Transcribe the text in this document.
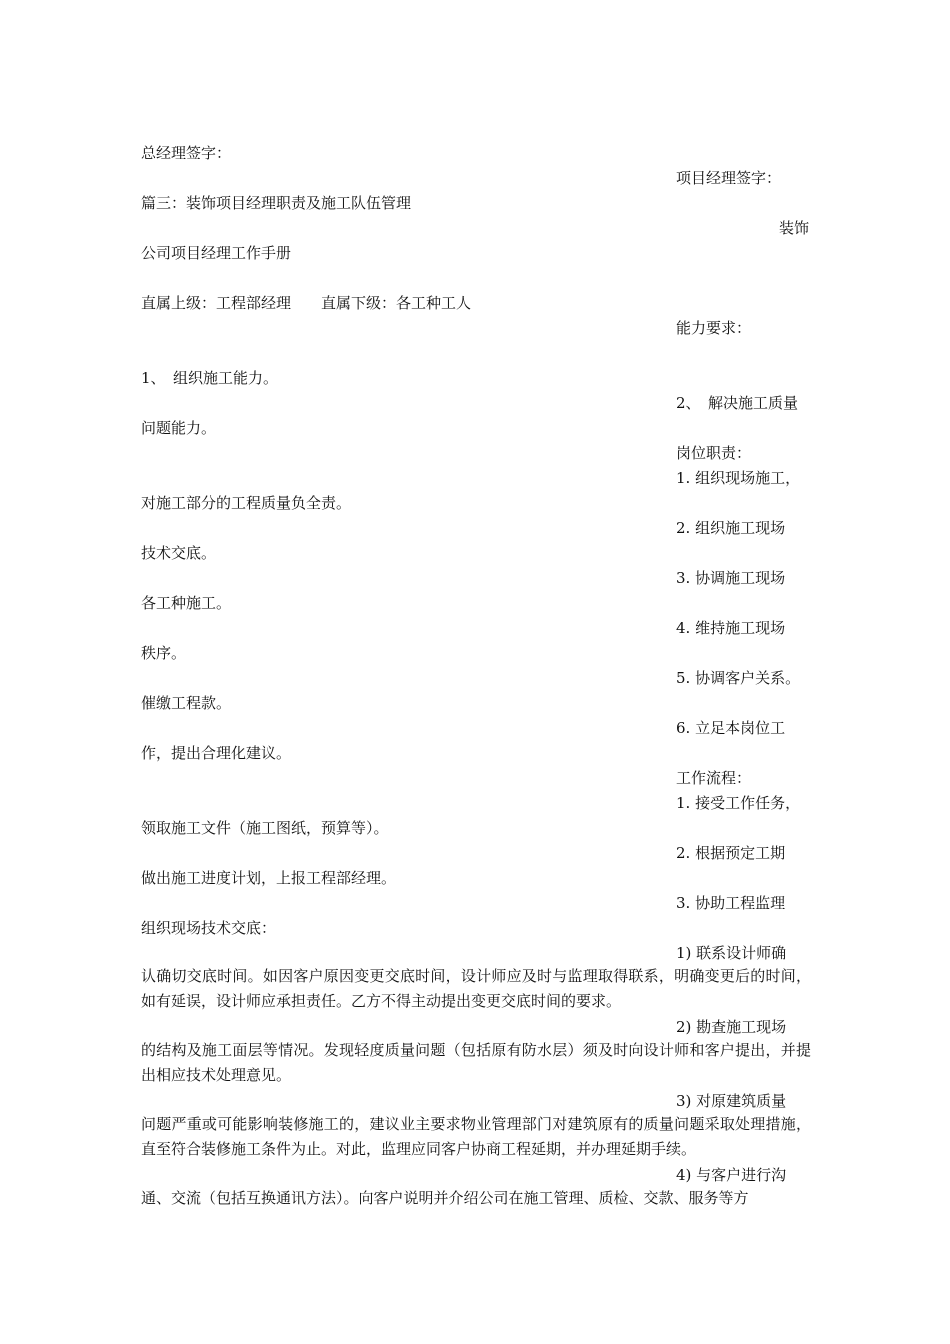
总经理签字：
项目经理签字：
篇三：装饰项目经理职责及施工队伍管理
装饰
公司项目经理工作手册
直属上级：工程部经理　　直属下级：各工种工人
能力要求：
1、　组织施工能力。
2、　解决施工质量
问题能力。
岗位职责：
1. 组织现场施工，
对施工部分的工程质量负全责。
2. 组织施工现场
技术交底。
3. 协调施工现场
各工种施工。
4. 维持施工现场
秩序。
5. 协调客户关系。
催缴工程款。
6. 立足本岗位工
作，提出合理化建议。
工作流程：
1. 接受工作任务，
领取施工文件（施工图纸，预算等）。
2. 根据预定工期
做出施工进度计划，上报工程部经理。
3. 协助工程监理
组织现场技术交底：
1) 联系设计师确
认确切交底时间。如因客户原因变更交底时间，设计师应及时与监理取得联系，明确变更后的时间，如有延误，设计师应承担责任。乙方不得主动提出变更交底时间的要求。
2) 勘查施工现场
的结构及施工面层等情况。发现轻度质量问题（包括原有防水层）须及时向设计师和客户提出，并提出相应技术处理意见。
3) 对原建筑质量
问题严重或可能影响装修施工的，建议业主要求物业管理部门对建筑原有的质量问题采取处理措施，直至符合装修施工条件为止。对此，监理应同客户协商工程延期，并办理延期手续。
4) 与客户进行沟
通、交流（包括互换通讯方法）。向客户说明并介绍公司在施工管理、质检、交款、服务等方
